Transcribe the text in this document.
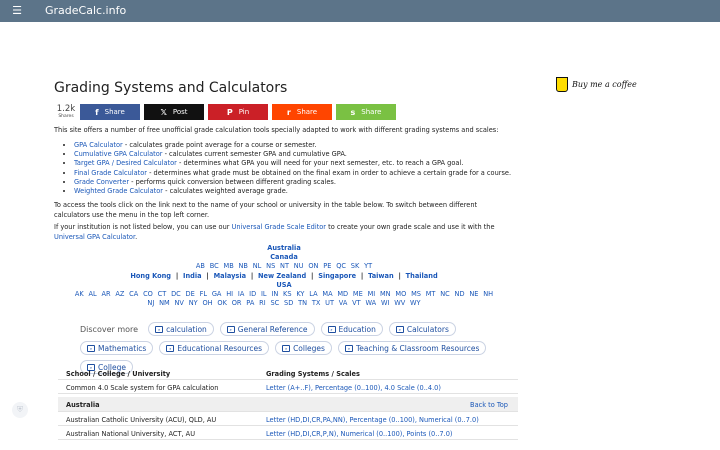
☰ GradeCalc.info
Grading Systems and Calculators	Buy me a coffee
1.2k
Shares	f Share	𝕏 Post	P Pin	r Share	s Share
This site offers a number of free unofficial grade calculation tools specially adapted to work with different grading systems and scales:
• GPA Calculator - calculates grade point average for a course or semester.
• Cumulative GPA Calculator - calculates current semester GPA and cumulative GPA.
• Target GPA / Desired Calculator - determines what GPA you will need for your next semester, etc. to reach a GPA goal.
• Final Grade Calculator - determines what grade must be obtained on the final exam in order to achieve a certain grade for a course.
• Grade Converter - performs quick conversion between different grading scales.
• Weighted Grade Calculator - calculates weighted average grade.
To access the tools click on the link next to the name of your school or university in the table below. To switch between different calculators use the menu in the top left corner.
If your institution is not listed below, you can use our Universal Grade Scale Editor to create your own grade scale and use it with the Universal GPA Calculator.
Australia
Canada
AB BC MB NB NL NS NT NU ON PE QC SK YT
Hong Kong | India | Malaysia | New Zealand | Singapore | Taiwan | Thailand
USA
AK AL AR AZ CA CO CT DC DE FL GA HI IA ID IL IN KS KY LA MA MD ME MI MN MO MS MT NC ND NE NH
NJ NM NV NY OH OK OR PA RI SC SD TN TX UT VA VT WA WI WV WY
Discover more	⌕ calculation	⌕ General Reference	⌕ Education	⌕ Calculators
⌕ Mathematics	⌕ Educational Resources	⌕ Colleges	⌕ Teaching & Classroom Resources
⌕ College
School / College / University	Grading Systems / Scales
Common 4.0 Scale system for GPA calculation	Letter (A+..F), Percentage (0..100), 4.0 Scale (0..4.0)
Australia	Back to Top
Australian Catholic University (ACU), QLD, AU	Letter (HD,DI,CR,PA,NN), Percentage (0..100), Numerical (0..7.0)
Australian National University, ACT, AU	Letter (HD,DI,CR,P,N), Numerical (0..100), Points (0..7.0)
⛨
